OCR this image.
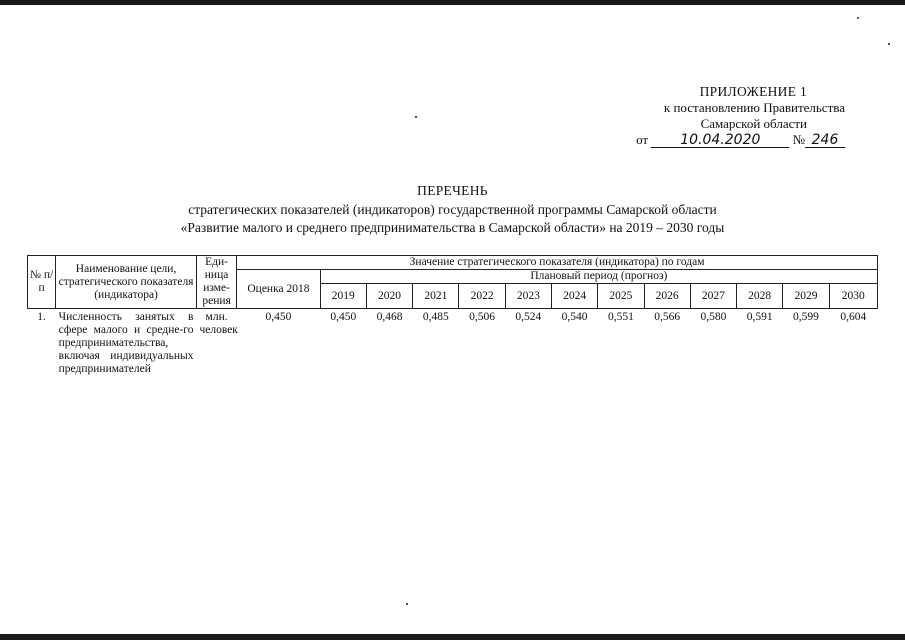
ПРИЛОЖЕНИЕ 1
к постановлению Правительства
Самарской области
от 10.04.2020 № 246
ПЕРЕЧЕНЬ
стратегических показателей (индикаторов) государственной программы Самарской области
«Развитие малого и среднего предпринимательства в Самарской области» на 2019 – 2030 годы
№ п/п	Наименование цели, стратегического показателя (индикатора)	Еди-ница изме-рения	Значение стратегического показателя (индикатора) по годам												
			Оценка 2018	Плановый период (прогноз)											
				2019	2020	2021	2022	2023	2024	2025	2026	2027	2028	2029	2030
1.	Численность занятых в сфере малого и средне-го предпринимательства, включая индивидуальных предпринимателей	млн. человек	0,450	0,450	0,468	0,485	0,506	0,524	0,540	0,551	0,566	0,580	0,591	0,599	0,604
